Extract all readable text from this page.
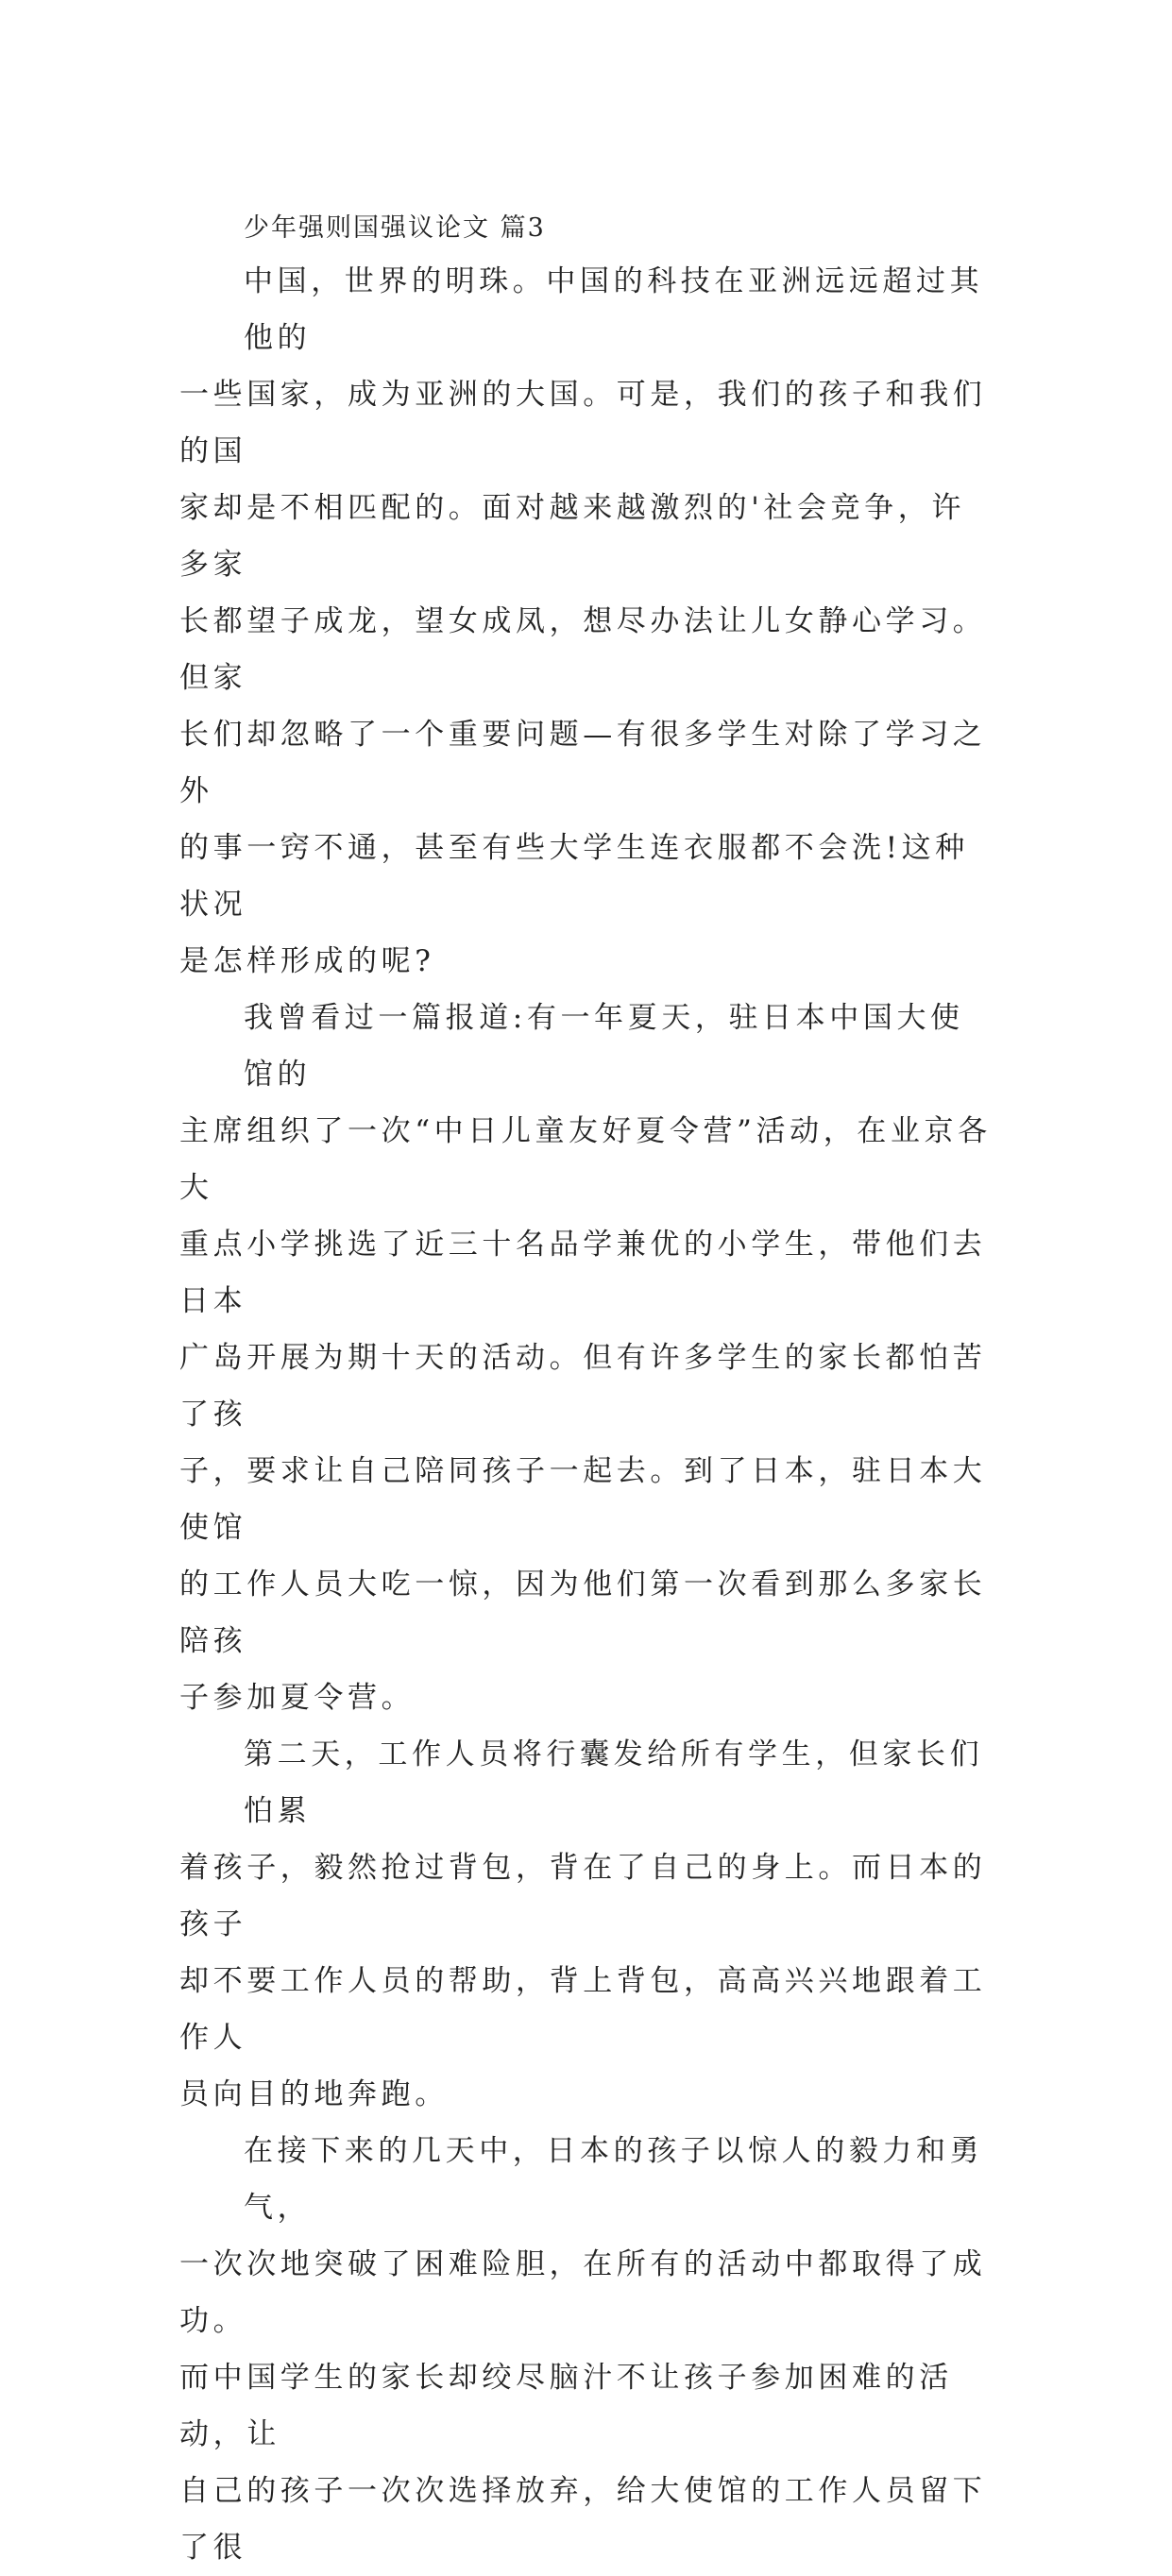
少年强则国强议论文 篇3

中国，世界的明珠。中国的科技在亚洲远远超过其他的
一些国家，成为亚洲的大国。可是，我们的孩子和我们的国
家却是不相匹配的。面对越来越激烈的'社会竞争，许多家
长都望子成龙，望女成凤，想尽办法让儿女静心学习。但家
长们却忽略了一个重要问题—有很多学生对除了学习之外
的事一窍不通，甚至有些大学生连衣服都不会洗!这种状况
是怎样形成的呢?

我曾看过一篇报道:有一年夏天，驻日本中国大使馆的
主席组织了一次“中日儿童友好夏令营”活动，在业京各大
重点小学挑选了近三十名品学兼优的小学生，带他们去日本
广岛开展为期十天的活动。但有许多学生的家长都怕苦了孩
子，要求让自己陪同孩子一起去。到了日本，驻日本大使馆
的工作人员大吃一惊，因为他们第一次看到那么多家长陪孩
子参加夏令营。

第二天，工作人员将行囊发给所有学生，但家长们怕累
着孩子，毅然抢过背包，背在了自己的身上。而日本的孩子
却不要工作人员的帮助，背上背包，高高兴兴地跟着工作人
员向目的地奔跑。

在接下来的几天中，日本的孩子以惊人的毅力和勇气，
一次次地突破了困难险胆，在所有的活动中都取得了成功。
而中国学生的家长却绞尽脑汁不让孩子参加困难的活动，让
自己的孩子一次次选择放弃，给大使馆的工作人员留下了很
